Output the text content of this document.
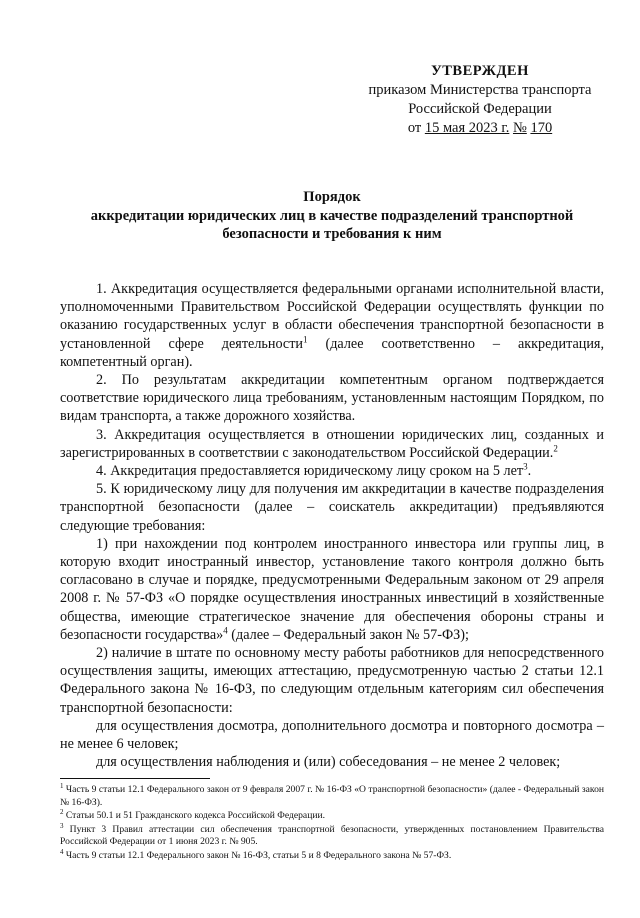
УТВЕРЖДЕН
приказом Министерства транспорта
Российской Федерации
от 15 мая 2023 г. № 170
Порядок
аккредитации юридических лиц в качестве подразделений транспортной
безопасности и требования к ним

1. Аккредитация осуществляется федеральными органами исполнительной власти, уполномоченными Правительством Российской Федерации осуществлять функции по оказанию государственных услуг в области обеспечения транспортной безопасности в установленной сфере деятельности$^1$ (далее соответственно – аккредитация, компетентный орган).

2. По результатам аккредитации компетентным органом подтверждается соответствие юридического лица требованиям, установленным настоящим Порядком, по видам транспорта, а также дорожного хозяйства.

3. Аккредитация осуществляется в отношении юридических лиц, созданных и зарегистрированных в соответствии с законодательством Российской Федерации.$^2$

4. Аккредитация предоставляется юридическому лицу сроком на 5 лет$^3$.

5. К юридическому лицу для получения им аккредитации в качестве подразделения транспортной безопасности (далее – соискатель аккредитации) предъявляются следующие требования:

1) при нахождении под контролем иностранного инвестора или группы лиц, в которую входит иностранный инвестор, установление такого контроля должно быть согласовано в случае и порядке, предусмотренными Федеральным законом от 29 апреля 2008 г. № 57-ФЗ «О порядке осуществления иностранных инвестиций в хозяйственные общества, имеющие стратегическое значение для обеспечения обороны страны и безопасности государства»$^4$ (далее – Федеральный закон № 57-ФЗ);

2) наличие в штате по основному месту работы работников для непосредственного осуществления защиты, имеющих аттестацию, предусмотренную частью 2 статьи 12.1 Федерального закона № 16-ФЗ, по следующим отдельным категориям сил обеспечения транспортной безопасности:

для осуществления досмотра, дополнительного досмотра и повторного досмотра – не менее 6 человек;

для осуществления наблюдения и (или) собеседования – не менее 2 человек;

$^1$ Часть 9 статьи 12.1 Федерального закон от 9 февраля 2007 г. № 16-ФЗ «О транспортной безопасности» (далее - Федеральный закон № 16-ФЗ).

$^2$ Статьи 50.1 и 51 Гражданского кодекса Российской Федерации.

$^3$ Пункт 3 Правил аттестации сил обеспечения транспортной безопасности, утвержденных постановлением Правительства Российской Федерации от 1 июня 2023 г. № 905.

$^4$ Часть 9 статьи 12.1 Федерального закон № 16-ФЗ, статьи 5 и 8 Федерального закона № 57-ФЗ.
